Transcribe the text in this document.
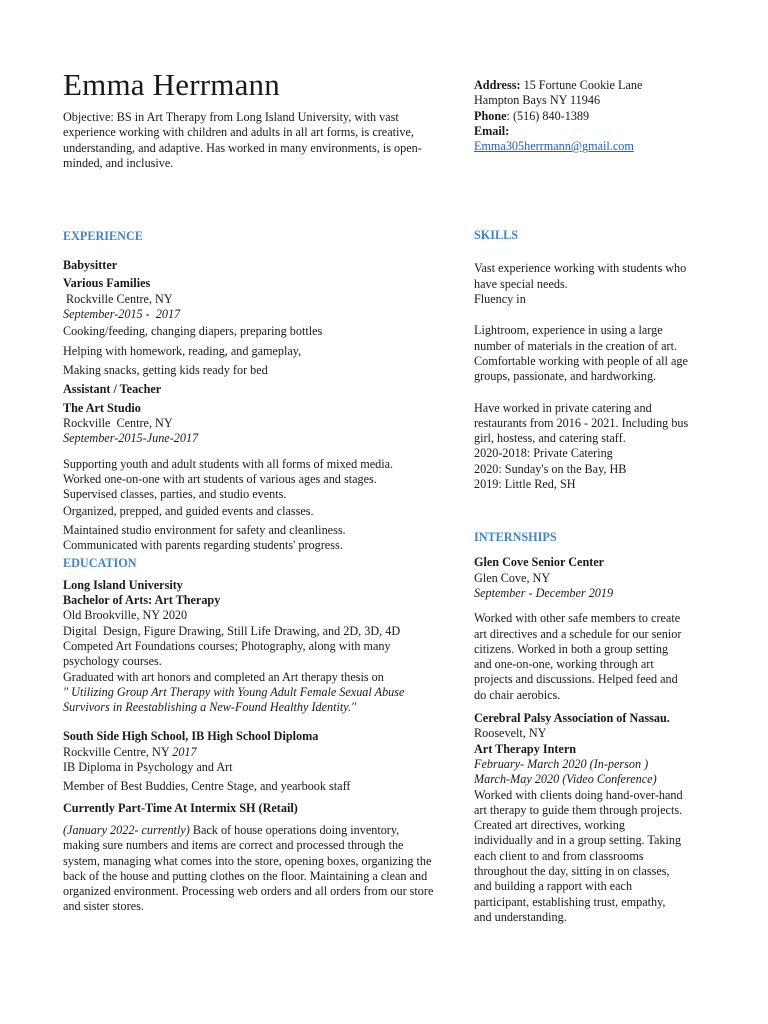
Emma Herrmann

Objective: BS in Art Therapy from Long Island University, with vast experience working with children and adults in all art forms, is creative, understanding, and adaptive. Has worked in many environments, is open-minded, and inclusive.

EXPERIENCE

Babysitter

Various Families

Rockville Centre, NY

September-2015 -  2017

Cooking/feeding, changing diapers, preparing bottles

Helping with homework, reading, and gameplay,

Making snacks, getting kids ready for bed

Assistant / Teacher

The Art Studio

Rockville  Centre, NY

September-2015-June-2017

Supporting youth and adult students with all forms of mixed media. Worked one-on-one with art students of various ages and stages. Supervised classes, parties, and studio events.

Organized, prepped, and guided events and classes.

Maintained studio environment for safety and cleanliness. Communicated with parents regarding students' progress.

EDUCATION

Long Island University

Bachelor of Arts: Art Therapy

Old Brookville, NY 2020

Digital  Design, Figure Drawing, Still Life Drawing, and 2D, 3D, 4D

Competed Art Foundations courses; Photography, along with many psychology courses.

Graduated with art honors and completed an Art therapy thesis on

" Utilizing Group Art Therapy with Young Adult Female Sexual Abuse Survivors in Reestablishing a New-Found Healthy Identity."

South Side High School, IB High School Diploma

Rockville Centre, NY 2017

IB Diploma in Psychology and Art

Member of Best Buddies, Centre Stage, and yearbook staff

Currently Part-Time At Intermix SH (Retail)

(January 2022- currently) Back of house operations doing inventory, making sure numbers and items are correct and processed through the system, managing what comes into the store, opening boxes, organizing the back of the house and putting clothes on the floor. Maintaining a clean and organized environment. Processing web orders and all orders from our store and sister stores.

Address: 15 Fortune Cookie Lane

Hampton Bays NY 11946

Phone: (516) 840-1389

Email:

Emma305herrmann@gmail.com

SKILLS

Vast experience working with students who have special needs.

Fluency in

Lightroom, experience in using a large number of materials in the creation of art. Comfortable working with people of all age groups, passionate, and hardworking.

Have worked in private catering and restaurants from 2016 - 2021. Including bus girl, hostess, and catering staff.

2020-2018: Private Catering

2020: Sunday's on the Bay, HB

2019: Little Red, SH

INTERNSHIPS

Glen Cove Senior Center

Glen Cove, NY

September - December 2019

Worked with other safe members to create art directives and a schedule for our senior citizens. Worked in both a group setting and one-on-one, working through art projects and discussions. Helped feed and do chair aerobics.

Cerebral Palsy Association of Nassau.

Roosevelt, NY

Art Therapy Intern

February- March 2020 (In-person )

March-May 2020 (Video Conference)

Worked with clients doing hand-over-hand art therapy to guide them through projects. Created art directives, working individually and in a group setting. Taking each client to and from classrooms throughout the day, sitting in on classes, and building a rapport with each participant, establishing trust, empathy, and understanding.
